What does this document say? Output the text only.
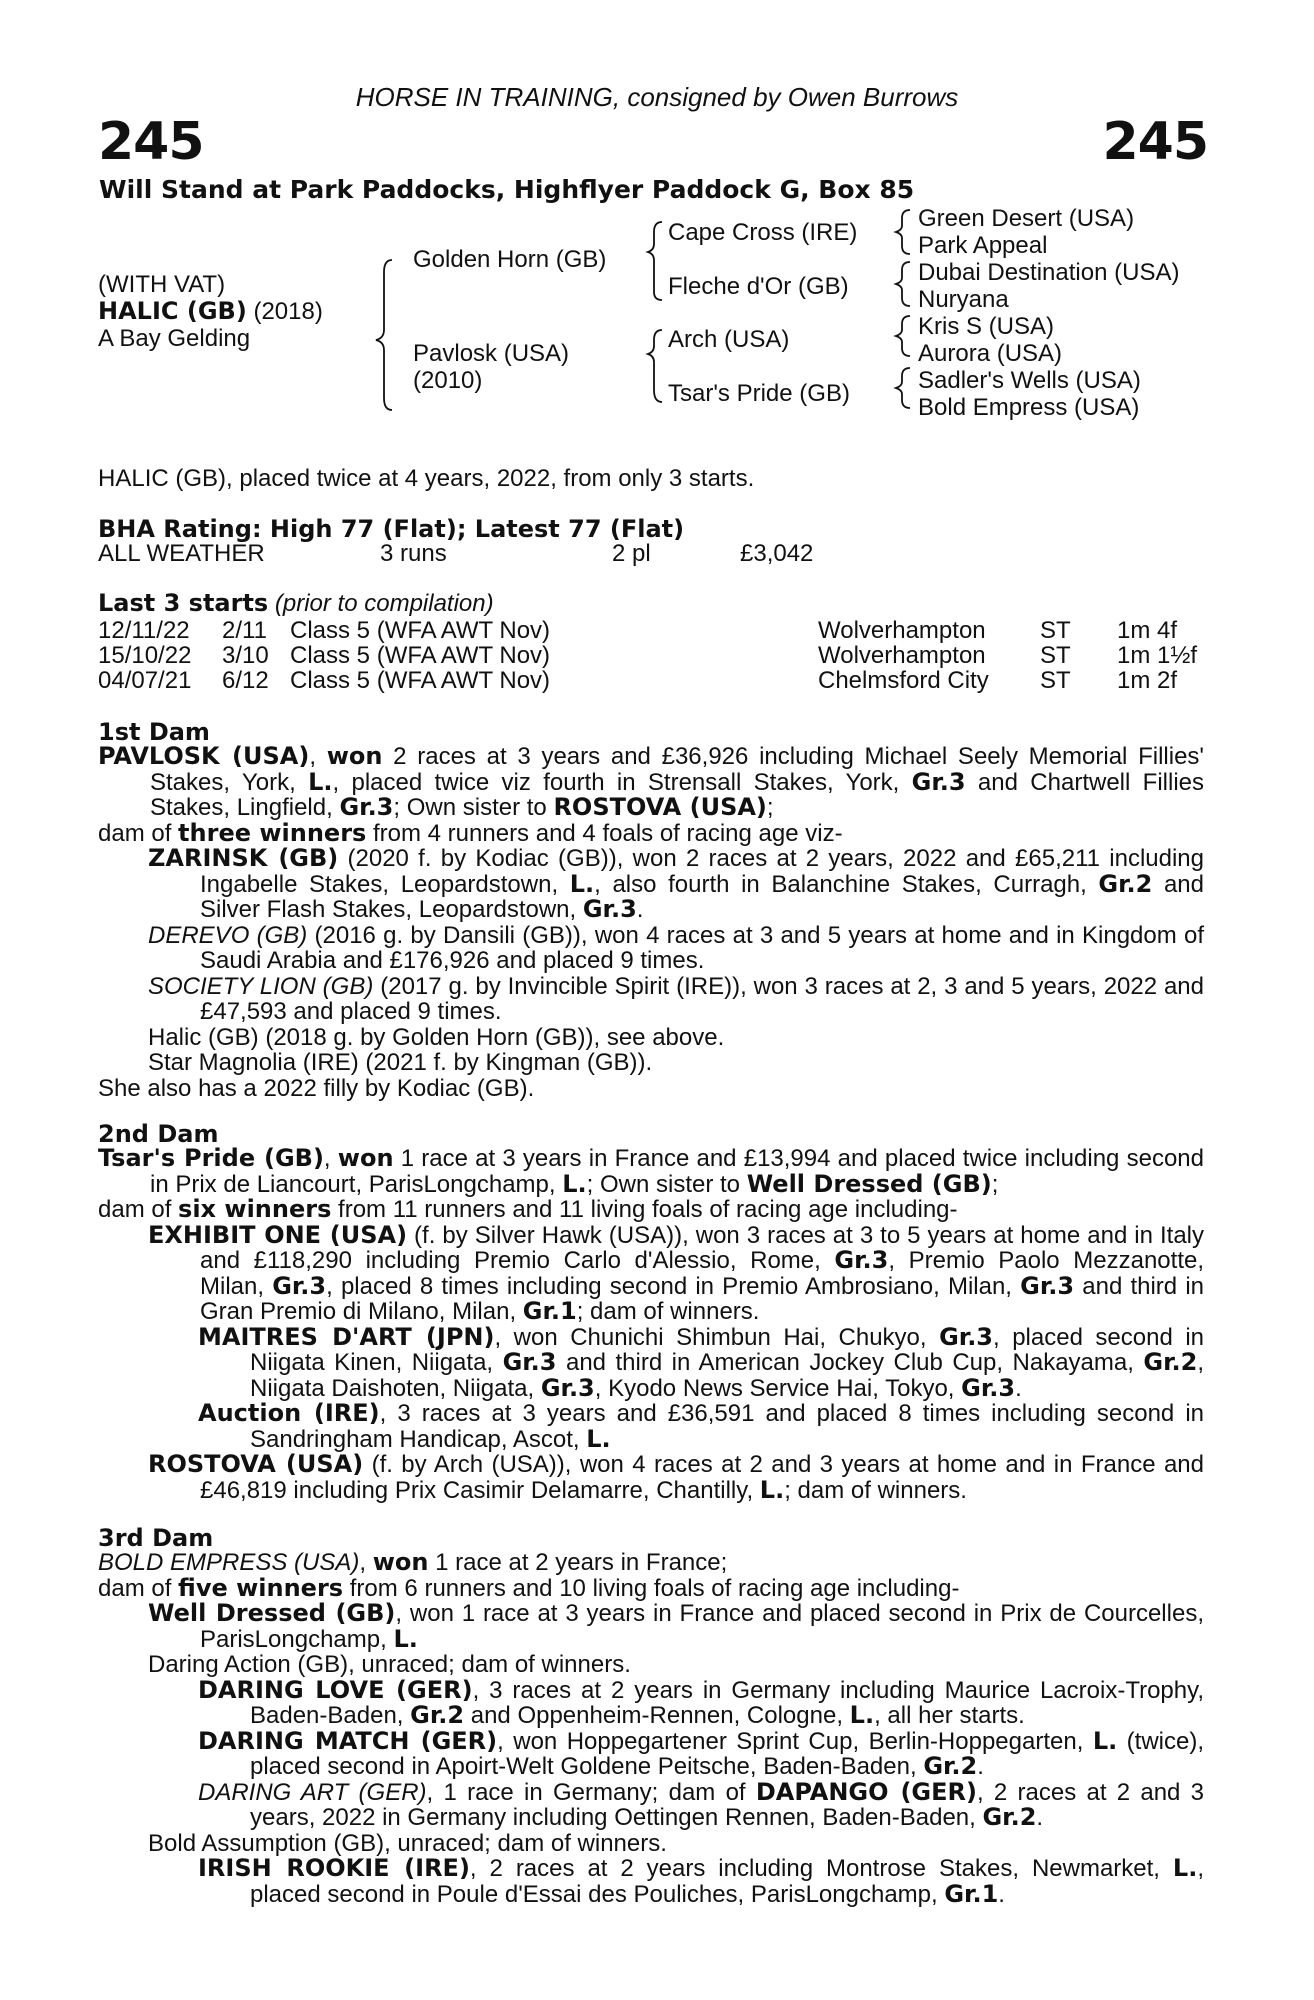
HORSE IN TRAINING, consigned by Owen Burrows
245	245
Will Stand at Park Paddocks, Highflyer Paddock G, Box 85
(WITH VAT)
HALIC (GB) (2018)
A Bay Gelding
Golden Horn (GB)
Pavlosk (USA)
(2010)
Cape Cross (IRE)
Fleche d'Or (GB)
Arch (USA)
Tsar's Pride (GB)
Green Desert (USA)
Park Appeal
Dubai Destination (USA)
Nuryana
Kris S (USA)
Aurora (USA)
Sadler's Wells (USA)
Bold Empress (USA)
HALIC (GB), placed twice at 4 years, 2022, from only 3 starts.
BHA Rating: High 77 (Flat); Latest 77 (Flat)
ALL WEATHER	3 runs	2 pl	£3,042
Last 3 starts (prior to compilation)
12/11/22 2/11 Class 5 (WFA AWT Nov)	Wolverhampton ST 1m 4f
15/10/22 3/10 Class 5 (WFA AWT Nov)	Wolverhampton ST 1m 1½f
04/07/21 6/12 Class 5 (WFA AWT Nov)	Chelmsford City ST 1m 2f
1st Dam
PAVLOSK (USA), won 2 races at 3 years and £36,926 including Michael Seely Memorial Fillies' Stakes, York, L., placed twice viz fourth in Strensall Stakes, York, Gr.3 and Chartwell Fillies Stakes, Lingfield, Gr.3; Own sister to ROSTOVA (USA);
dam of three winners from 4 runners and 4 foals of racing age viz-
ZARINSK (GB) (2020 f. by Kodiac (GB)), won 2 races at 2 years, 2022 and £65,211 including Ingabelle Stakes, Leopardstown, L., also fourth in Balanchine Stakes, Curragh, Gr.2 and Silver Flash Stakes, Leopardstown, Gr.3.
DEREVO (GB) (2016 g. by Dansili (GB)), won 4 races at 3 and 5 years at home and in Kingdom of Saudi Arabia and £176,926 and placed 9 times.
SOCIETY LION (GB) (2017 g. by Invincible Spirit (IRE)), won 3 races at 2, 3 and 5 years, 2022 and £47,593 and placed 9 times.
Halic (GB) (2018 g. by Golden Horn (GB)), see above.
Star Magnolia (IRE) (2021 f. by Kingman (GB)).
She also has a 2022 filly by Kodiac (GB).
2nd Dam
Tsar's Pride (GB), won 1 race at 3 years in France and £13,994 and placed twice including second in Prix de Liancourt, ParisLongchamp, L.; Own sister to Well Dressed (GB);
dam of six winners from 11 runners and 11 living foals of racing age including-
EXHIBIT ONE (USA) (f. by Silver Hawk (USA)), won 3 races at 3 to 5 years at home and in Italy and £118,290 including Premio Carlo d'Alessio, Rome, Gr.3, Premio Paolo Mezzanotte, Milan, Gr.3, placed 8 times including second in Premio Ambrosiano, Milan, Gr.3 and third in Gran Premio di Milano, Milan, Gr.1; dam of winners.
MAITRES D'ART (JPN), won Chunichi Shimbun Hai, Chukyo, Gr.3, placed second in Niigata Kinen, Niigata, Gr.3 and third in American Jockey Club Cup, Nakayama, Gr.2, Niigata Daishoten, Niigata, Gr.3, Kyodo News Service Hai, Tokyo, Gr.3.
Auction (IRE), 3 races at 3 years and £36,591 and placed 8 times including second in Sandringham Handicap, Ascot, L.
ROSTOVA (USA) (f. by Arch (USA)), won 4 races at 2 and 3 years at home and in France and £46,819 including Prix Casimir Delamarre, Chantilly, L.; dam of winners.
3rd Dam
BOLD EMPRESS (USA), won 1 race at 2 years in France;
dam of five winners from 6 runners and 10 living foals of racing age including-
Well Dressed (GB), won 1 race at 3 years in France and placed second in Prix de Courcelles, ParisLongchamp, L.
Daring Action (GB), unraced; dam of winners.
DARING LOVE (GER), 3 races at 2 years in Germany including Maurice Lacroix-Trophy, Baden-Baden, Gr.2 and Oppenheim-Rennen, Cologne, L., all her starts.
DARING MATCH (GER), won Hoppegartener Sprint Cup, Berlin-Hoppegarten, L. (twice), placed second in Apoirt-Welt Goldene Peitsche, Baden-Baden, Gr.2.
DARING ART (GER), 1 race in Germany; dam of DAPANGO (GER), 2 races at 2 and 3 years, 2022 in Germany including Oettingen Rennen, Baden-Baden, Gr.2.
Bold Assumption (GB), unraced; dam of winners.
IRISH ROOKIE (IRE), 2 races at 2 years including Montrose Stakes, Newmarket, L., placed second in Poule d'Essai des Pouliches, ParisLongchamp, Gr.1.
